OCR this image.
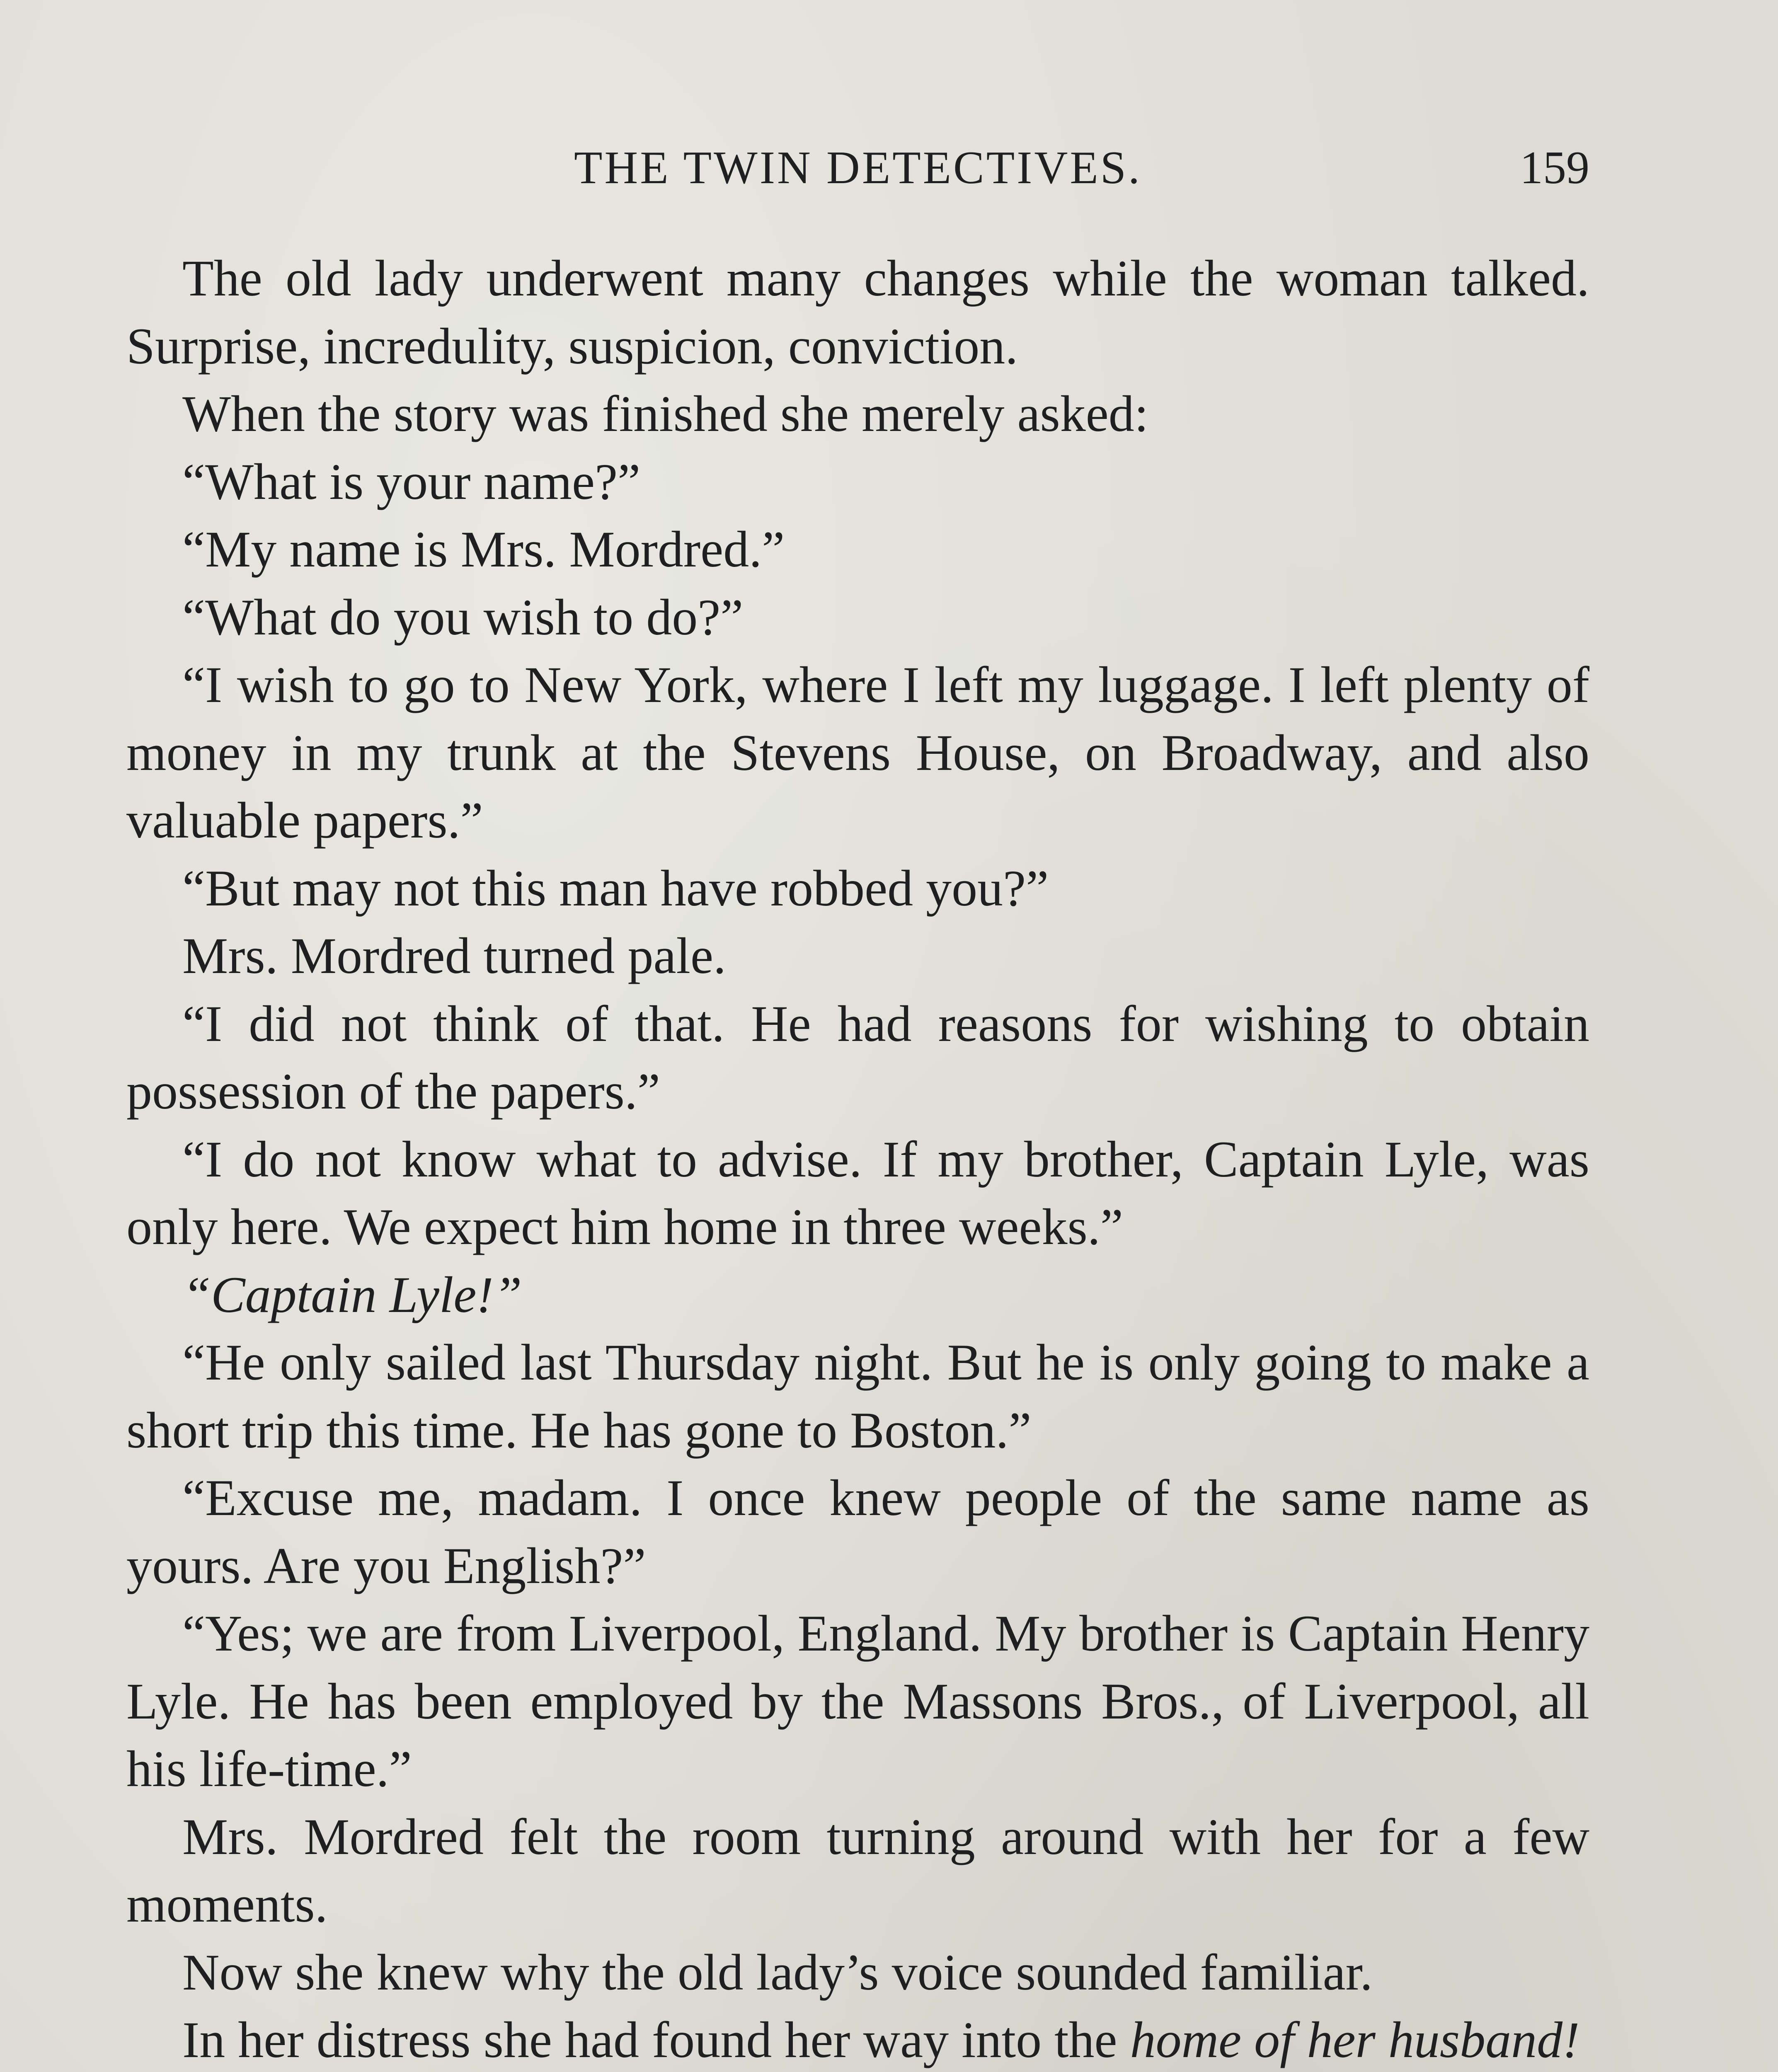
THE TWIN DETECTIVES.	159

The old lady underwent many changes while the woman talked. Surprise, incredulity, suspicion, conviction.

When the story was finished she merely asked:

“What is your name?”

“My name is Mrs. Mordred.”

“What do you wish to do?”

“I wish to go to New York, where I left my luggage. I left plenty of money in my trunk at the Stevens House, on Broadway, and also valuable papers.”

“But may not this man have robbed you?”

Mrs. Mordred turned pale.

“I did not think of that. He had reasons for wishing to obtain possession of the papers.”

“I do not know what to advise. If my brother, Captain Lyle, was only here. We expect him home in three weeks.”

“Captain Lyle!”

“He only sailed last Thursday night. But he is only going to make a short trip this time. He has gone to Boston.”

“Excuse me, madam. I once knew people of the same name as yours. Are you English?”

“Yes; we are from Liverpool, England. My brother is Captain Henry Lyle. He has been employed by the Massons Bros., of Liverpool, all his life-time.”

Mrs. Mordred felt the room turning around with her for a few moments.

Now she knew why the old lady’s voice sounded familiar.

In her distress she had found her way into the home of her husband!
